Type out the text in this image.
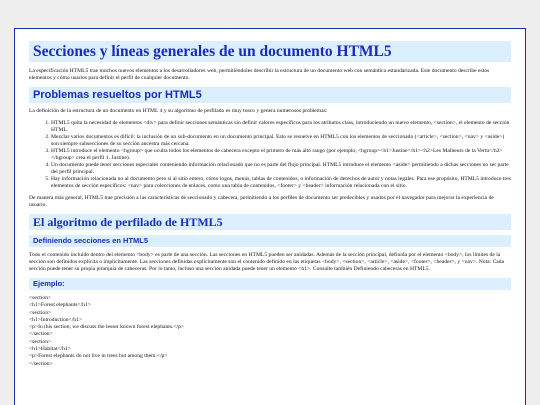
Secciones y líneas generales de un documento HTML5

La especificación HTML5 trae muchos nuevos elementos a los desarrolladores web, permitiéndoles describir la estructura de un documento web con semántica estandarizada. Este documento describe estos elementos y cómo usarlos para definir el perfil de cualquier documento.

Problemas resueltos por HTML5

La definición de la estructura de un documento en HTML 4 y su algoritmo de perfilado es muy tosco y genera numerosos problemas:

1. HTML5 quita la necesidad de elementos <div> para definir secciones semánticas sin definir valores específicos para los atributos class, introduciendo un nuevo elemento, <section>, el elemento de sección HTML.
2. Mezclar varios documentos es difícil: la inclusión de un sub-documento en un documento principal. Esto se resuelve en HTML5 con los elementos de seccionado (<article>, <section>, <nav> y <aside>) son siempre subsecciones de su sección ancestra más cercana.
3. HTML5 introduce el elemento <hgroup> que oculta todos los elementos de cabecera excepto el primero de más alto rango (por ejemplo, <hgroup><h1>Justine</h1><h2>Les Malheurs de la Vertu</h2></hgroup> crea el perfil 1. Justine).
4. Un documento puede tener secciones especiales conteniendo información relacionado que no es parte del flujo principal. HTML5 introduce el elemento <aside> permitiendo a dichas secciones no ser parte del perfil principal.
5. Hay información relacionada no al documento pero sí al sitio entero, cómo logos, menús, tablas de contenidos, o información de derechos de autor y notas legales. Para ese propósito, HTML5 introduce tres elementos de sección específicos: <nav> para colecciones de enlaces, como una tabla de contenidos, <footer> y <header> información relacionada con el sitio.

De manera más general, HTML5 trae precisión a las características de seccionado y cabecera, permitiendo a los perfiles de documento ser predecibles y usados por el navegador para mejorar la experiencia de usuario.

El algoritmo de perfilado de HTML5
Definiendo secciones en HTML5

Todo el contenido incluido dentro del elemento <body> es parte de una sección. Las secciones en HTML5 pueden ser anidadas. Además de la sección principal, definida por el elemento <body>, los límites de la sección son definidos explícita o implícitamente. Las secciones definidas explícitamente son el contenido definido en las etiquetas <body>, <section>, <article>, <aside>, <footer>, <header>, y <nav>. Nota: Cada sección puede tener su propia jerarquía de cabeceras. Por lo tanto, incluso una sección anidada puede tener un elemento <h1>. Consulte también Definiendo cabeceras en HTML5.

Ejemplo:
<section>
<h1>Forest elephants</h1>
<section>
<h1>Introduction</h1>
<p>In this section, we discuss the lesser known forest elephants.</p>
</section>
<section>
<h1>Habitat</h1>
<p>Forest elephants do not live in trees but among them.</p>
</section>
